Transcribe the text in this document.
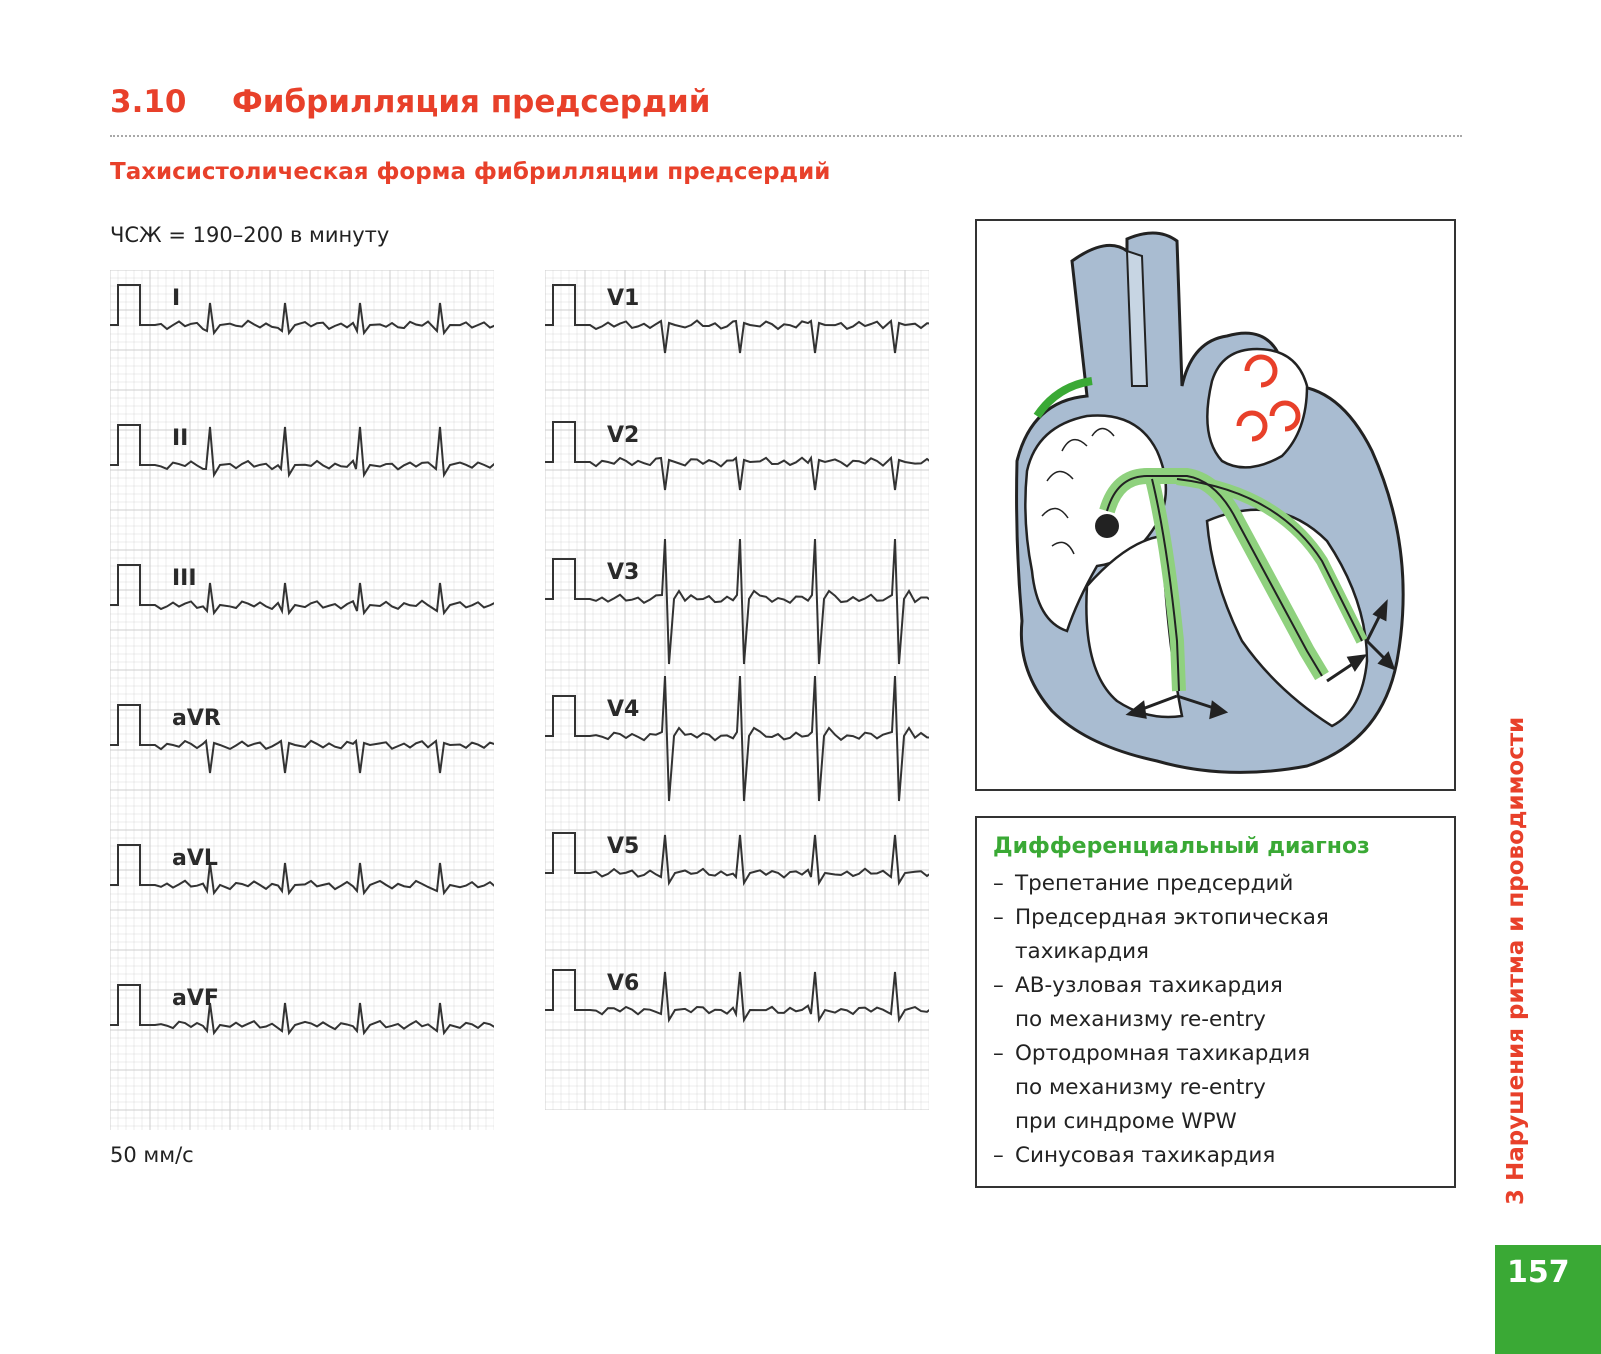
3.10 Фибрилляция предсердий
Тахисистолическая форма фибрилляции предсердий
ЧСЖ = 190–200 в минуту
I
II
III
aVR
aVL
aVF
V1
V2
V3
V4
V5
V6
50 мм/с
Дифференциальный диагноз
– Трепетание предсердий
– Предсердная эктопическая
тахикардия
– АВ-узловая тахикардия
по механизму re-entry
– Ортодромная тахикардия
по механизму re-entry
при синдроме WPW
– Синусовая тахикардия	3 Нарушения ритма и проводимости
157
